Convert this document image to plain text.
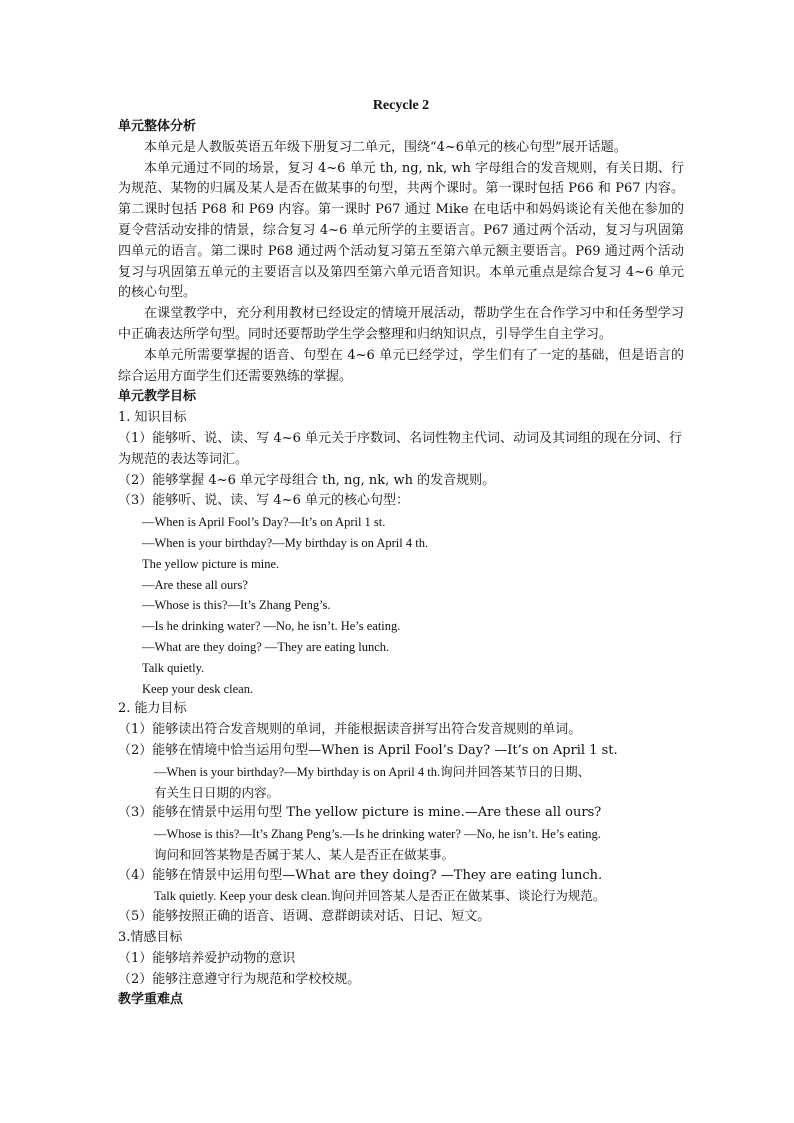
Recycle 2

单元整体分析

本单元是人教版英语五年级下册复习二单元，围绕“4~6单元的核心句型”展开话题。

本单元通过不同的场景，复习 4~6 单元 th, ng, nk, wh 字母组合的发音规则，有关日期、行为规范、某物的归属及某人是否在做某事的句型，共两个课时。第一课时包括 P66 和 P67 内容。第二课时包括 P68 和 P69 内容。第一课时 P67 通过 Mike 在电话中和妈妈谈论有关他在参加的夏令营活动安排的情景，综合复习 4~6 单元所学的主要语言。P67 通过两个活动，复习与巩固第四单元的语言。第二课时 P68 通过两个活动复习第五至第六单元额主要语言。P69 通过两个活动复习与巩固第五单元的主要语言以及第四至第六单元语音知识。本单元重点是综合复习 4~6 单元的核心句型。

在课堂教学中，充分利用教材已经设定的情境开展活动，帮助学生在合作学习中和任务型学习中正确表达所学句型。同时还要帮助学生学会整理和归纳知识点，引导学生自主学习。

本单元所需要掌握的语音、句型在 4~6 单元已经学过，学生们有了一定的基础，但是语言的综合运用方面学生们还需要熟练的掌握。

单元教学目标

1. 知识目标

（1）能够听、说、读、写 4~6 单元关于序数词、名词性物主代词、动词及其词组的现在分词、行为规范的表达等词汇。

（2）能够掌握 4~6 单元字母组合 th, ng, nk, wh 的发音规则。

（3）能够听、说、读、写 4~6 单元的核心句型：

—When is April Fool’s Day?—It’s on April 1 st.

—When is your birthday?—My birthday is on April 4 th.

The yellow picture is mine.

—Are these all ours?

—Whose is this?—It’s Zhang Peng’s.

—Is he drinking water? —No, he isn’t. He’s eating.

—What are they doing? —They are eating lunch.

Talk quietly.

Keep your desk clean.

2. 能力目标

（1）能够读出符合发音规则的单词，并能根据读音拼写出符合发音规则的单词。

（2）能够在情境中恰当运用句型—When is April Fool’s Day? —It’s on April 1 st.

—When is your birthday?—My birthday is on April 4 th.询问并回答某节日的日期、

有关生日日期的内容。

（3）能够在情景中运用句型 The yellow picture is mine.—Are these all ours?

—Whose is this?—It’s Zhang Peng’s.—Is he drinking water? —No, he isn’t. He’s eating.

询问和回答某物是否属于某人、某人是否正在做某事。

（4）能够在情景中运用句型—What are they doing? —They are eating lunch.

Talk quietly. Keep your desk clean.询问并回答某人是否正在做某事、谈论行为规范。

（5）能够按照正确的语音、语调、意群朗读对话、日记、短文。

3.情感目标

（1）能够培养爱护动物的意识

（2）能够注意遵守行为规范和学校校规。

教学重难点
